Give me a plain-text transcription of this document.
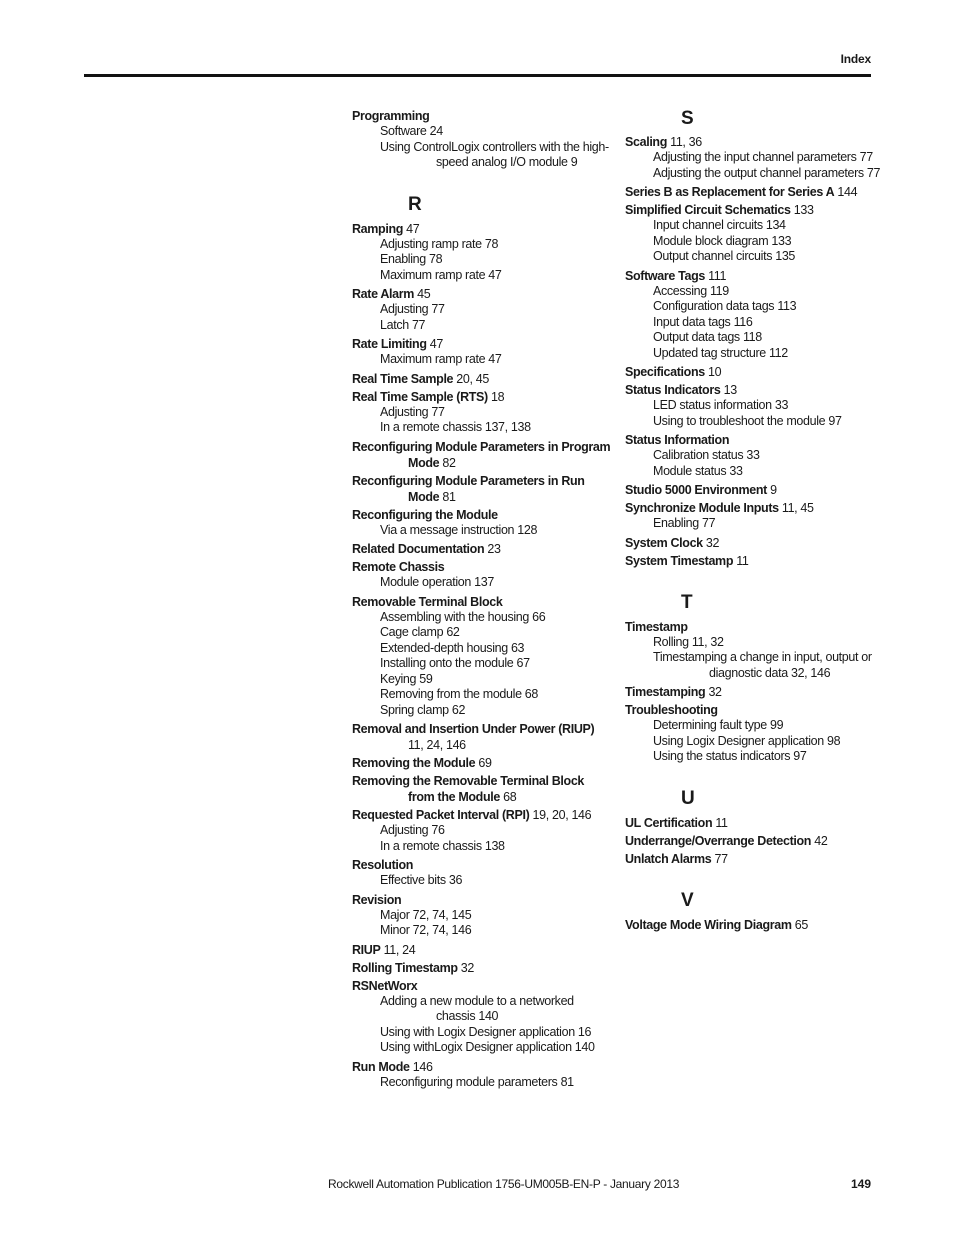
Index
Programming
Software 24
Using ControlLogix controllers with the high-speed analog I/O module 9
R
Ramping 47
Adjusting ramp rate 78
Enabling 78
Maximum ramp rate 47
Rate Alarm 45
Adjusting 77
Latch 77
Rate Limiting 47
Maximum ramp rate 47
Real Time Sample 20, 45
Real Time Sample (RTS) 18
Adjusting 77
In a remote chassis 137, 138
Reconfiguring Module Parameters in Program Mode 82
Reconfiguring Module Parameters in Run Mode 81
Reconfiguring the Module
Via a message instruction 128
Related Documentation 23
Remote Chassis
Module operation 137
Removable Terminal Block
Assembling with the housing 66
Cage clamp 62
Extended-depth housing 63
Installing onto the module 67
Keying 59
Removing from the module 68
Spring clamp 62
Removal and Insertion Under Power (RIUP) 11, 24, 146
Removing the Module 69
Removing the Removable Terminal Block from the Module 68
Requested Packet Interval (RPI) 19, 20, 146
Adjusting 76
In a remote chassis 138
Resolution
Effective bits 36
Revision
Major 72, 74, 145
Minor 72, 74, 146
RIUP 11, 24
Rolling Timestamp 32
RSNetWorx
Adding a new module to a networked chassis 140
Using with Logix Designer application 16
Using withLogix Designer application 140
Run Mode 146
Reconfiguring module parameters 81
S
Scaling 11, 36
Adjusting the input channel parameters 77
Adjusting the output channel parameters 77
Series B as Replacement for Series A 144
Simplified Circuit Schematics 133
Input channel circuits 134
Module block diagram 133
Output channel circuits 135
Software Tags 111
Accessing 119
Configuration data tags 113
Input data tags 116
Output data tags 118
Updated tag structure 112
Specifications 10
Status Indicators 13
LED status information 33
Using to troubleshoot the module 97
Status Information
Calibration status 33
Module status 33
Studio 5000 Environment 9
Synchronize Module Inputs 11, 45
Enabling 77
System Clock 32
System Timestamp 11
T
Timestamp
Rolling 11, 32
Timestamping a change in input, output or diagnostic data 32, 146
Timestamping 32
Troubleshooting
Determining fault type 99
Using Logix Designer application 98
Using the status indicators 97
U
UL Certification 11
Underrange/Overrange Detection 42
Unlatch Alarms 77
V
Voltage Mode Wiring Diagram 65
Rockwell Automation Publication 1756-UM005B-EN-P - January 2013	149
